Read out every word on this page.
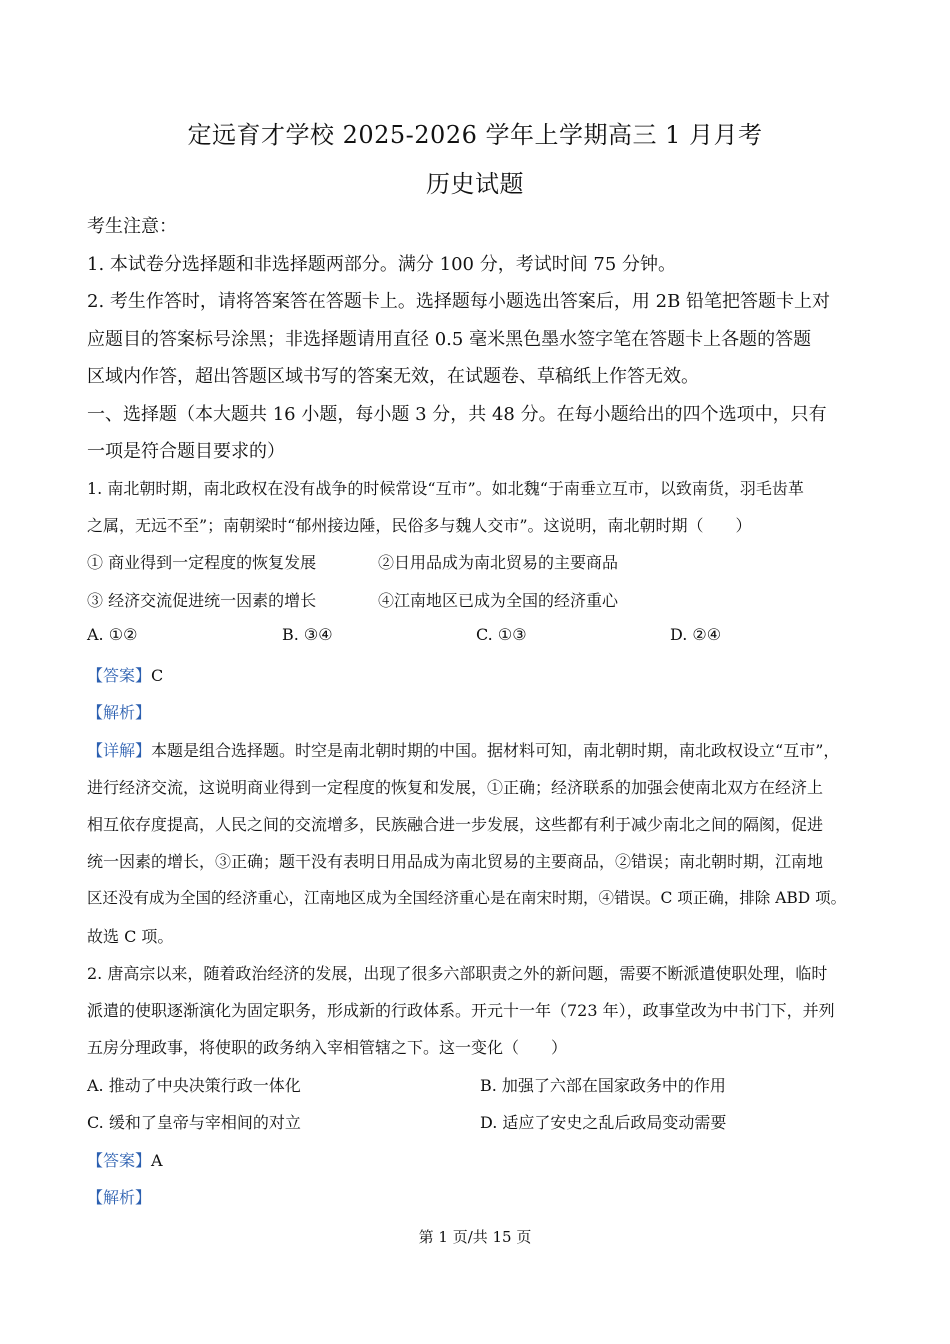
定远育才学校 2025-2026 学年上学期高三 1 月月考
历史试题
考生注意：
1. 本试卷分选择题和非选择题两部分。满分 100 分，考试时间 75 分钟。
2. 考生作答时，请将答案答在答题卡上。选择题每小题选出答案后，用 2B 铅笔把答题卡上对
应题目的答案标号涂黑；非选择题请用直径 0.5 毫米黑色墨水签字笔在答题卡上各题的答题
区域内作答，超出答题区域书写的答案无效，在试题卷、草稿纸上作答无效。
一、选择题（本大题共 16 小题，每小题 3 分，共 48 分。在每小题给出的四个选项中，只有
一项是符合题目要求的）
1. 南北朝时期，南北政权在没有战争的时候常设“互市”。如北魏“于南垂立互市，以致南货，羽毛齿革
之属，无远不至”；南朝梁时“郁州接边陲，民俗多与魏人交市”。这说明，南北朝时期（　　）
① 商业得到一定程度的恢复发展	②日用品成为南北贸易的主要商品
③ 经济交流促进统一因素的增长	④江南地区已成为全国的经济重心
A. ①②	B. ③④	C. ①③	D. ②④
【答案】C
【解析】
【详解】本题是组合选择题。时空是南北朝时期的中国。据材料可知，南北朝时期，南北政权设立“互市”，
进行经济交流，这说明商业得到一定程度的恢复和发展，①正确；经济联系的加强会使南北双方在经济上
相互依存度提高，人民之间的交流增多，民族融合进一步发展，这些都有利于减少南北之间的隔阂，促进
统一因素的增长，③正确；题干没有表明日用品成为南北贸易的主要商品，②错误；南北朝时期，江南地
区还没有成为全国的经济重心，江南地区成为全国经济重心是在南宋时期，④错误。C 项正确，排除 ABD 项。
故选 C 项。
2. 唐高宗以来，随着政治经济的发展，出现了很多六部职责之外的新问题，需要不断派遣使职处理，临时
派遣的使职逐渐演化为固定职务，形成新的行政体系。开元十一年（723 年），政事堂改为中书门下，并列
五房分理政事，将使职的政务纳入宰相管辖之下。这一变化（　　）
A. 推动了中央决策行政一体化	B. 加强了六部在国家政务中的作用
C. 缓和了皇帝与宰相间的对立	D. 适应了安史之乱后政局变动需要
【答案】A
【解析】
第 1 页/共 15 页
